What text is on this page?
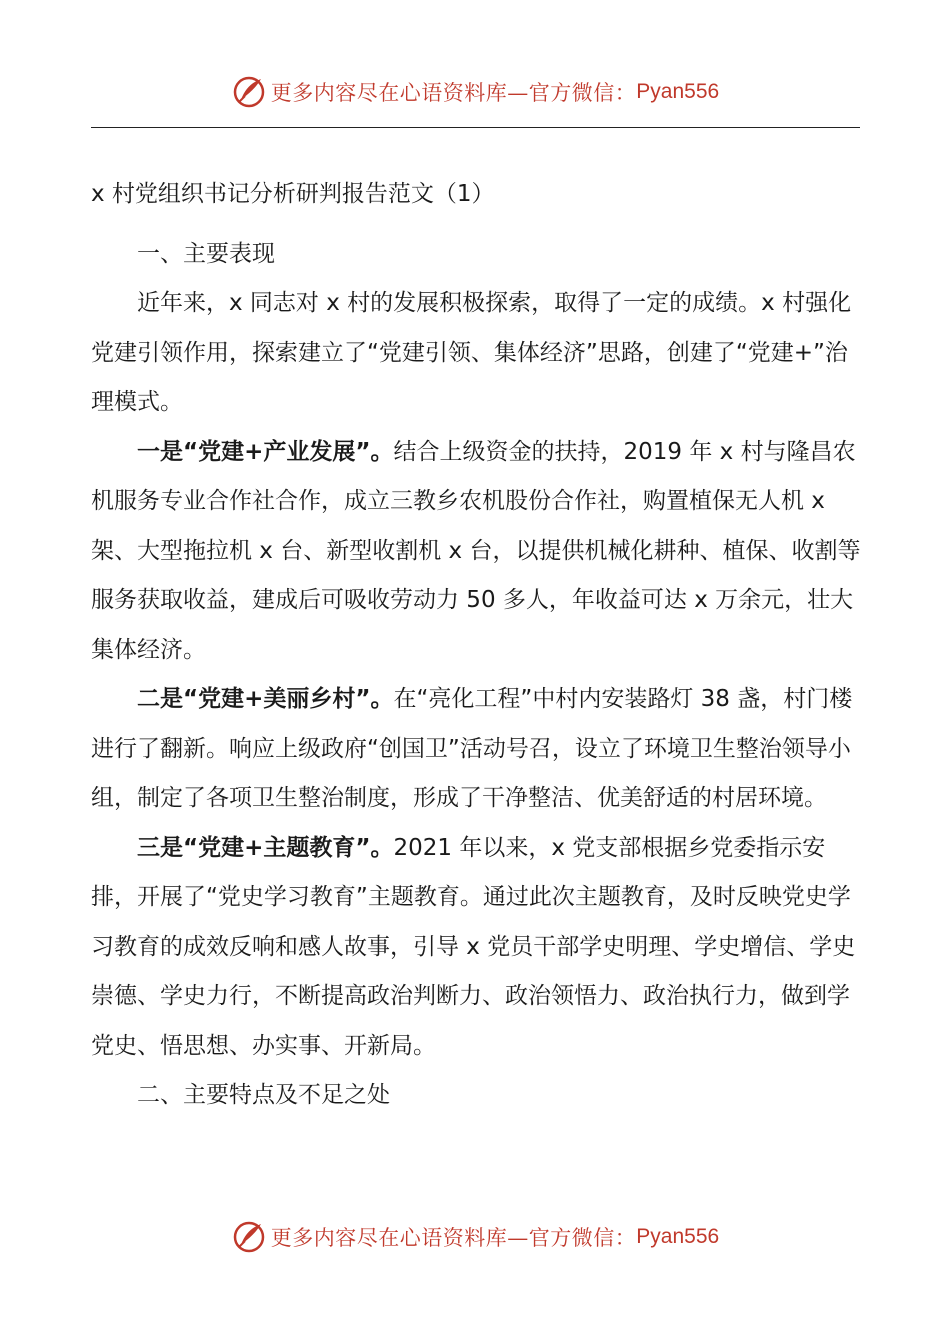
更多内容尽在心语资料库—官方微信： Pyan556

x 村党组织书记分析研判报告范文（1）

一、主要表现

近年来，x 同志对 x 村的发展积极探索，取得了一定的成绩。x 村强化党建引领作用，探索建立了“党建引领、集体经济”思路，创建了“党建+”治理模式。

一是“党建+产业发展”。结合上级资金的扶持，2019 年 x 村与隆昌农机服务专业合作社合作，成立三教乡农机股份合作社，购置植保无人机 x 架、大型拖拉机 x 台、新型收割机 x 台，以提供机械化耕种、植保、收割等服务获取收益，建成后可吸收劳动力 50 多人，年收益可达 x 万余元，壮大集体经济。

二是“党建+美丽乡村”。在“亮化工程”中村内安装路灯 38 盏，村门楼进行了翻新。响应上级政府“创国卫”活动号召，设立了环境卫生整治领导小组，制定了各项卫生整治制度，形成了干净整洁、优美舒适的村居环境。

三是“党建+主题教育”。2021 年以来，x 党支部根据乡党委指示安排，开展了“党史学习教育”主题教育。通过此次主题教育，及时反映党史学习教育的成效反响和感人故事，引导 x 党员干部学史明理、学史增信、学史崇德、学史力行，不断提高政治判断力、政治领悟力、政治执行力，做到学党史、悟思想、办实事、开新局。

二、主要特点及不足之处

更多内容尽在心语资料库—官方微信： Pyan556
